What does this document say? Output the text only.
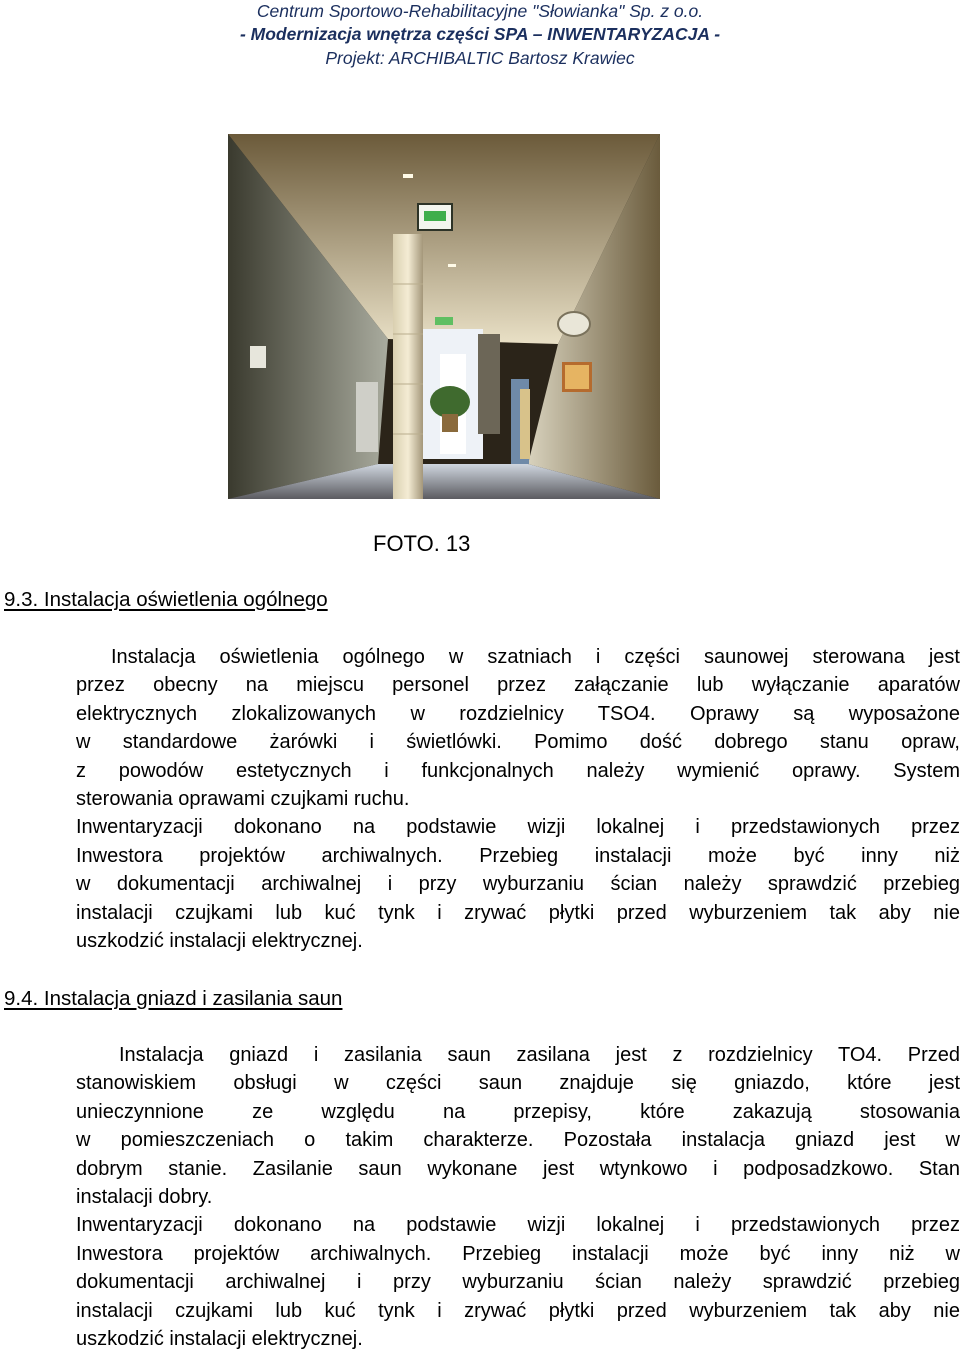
Centrum Sportowo-Rehabilitacyjne "Słowianka" Sp. z o.o.
- Modernizacja wnętrza części SPA – INWENTARYZACJA -
Projekt: ARCHIBALTIC Bartosz Krawiec
FOTO. 13
9.3. Instalacja oświetlenia ogólnego
Instalacja oświetlenia ogólnego w szatniach i części saunowej sterowana jest
przez obecny na miejscu personel przez załączanie lub wyłączanie aparatów
elektrycznych zlokalizowanych w rozdzielnicy TSO4. Oprawy są wyposażone
w standardowe żarówki i świetlówki. Pomimo dość dobrego stanu opraw,
z powodów estetycznych i funkcjonalnych należy wymienić oprawy. System
sterowania oprawami czujkami ruchu.
Inwentaryzacji dokonano na podstawie wizji lokalnej i przedstawionych przez
Inwestora projektów archiwalnych. Przebieg instalacji może być inny niż
w dokumentacji archiwalnej i przy wyburzaniu ścian należy sprawdzić przebieg
instalacji czujkami lub kuć tynk i zrywać płytki przed wyburzeniem tak aby nie
uszkodzić instalacji elektrycznej.
9.4. Instalacja gniazd i zasilania saun
Instalacja gniazd i zasilania saun zasilana jest z rozdzielnicy TO4. Przed
stanowiskiem obsługi w części saun znajduje się gniazdo, które jest
unieczynnione ze względu na przepisy, które zakazują stosowania
w pomieszczeniach o takim charakterze. Pozostała instalacja gniazd jest w
dobrym stanie. Zasilanie saun wykonane jest wtynkowo i podposadzkowo. Stan
instalacji dobry.
Inwentaryzacji dokonano na podstawie wizji lokalnej i przedstawionych przez
Inwestora projektów archiwalnych. Przebieg instalacji może być inny niż w
dokumentacji archiwalnej i przy wyburzaniu ścian należy sprawdzić przebieg
instalacji czujkami lub kuć tynk i zrywać płytki przed wyburzeniem tak aby nie
uszkodzić instalacji elektrycznej.
